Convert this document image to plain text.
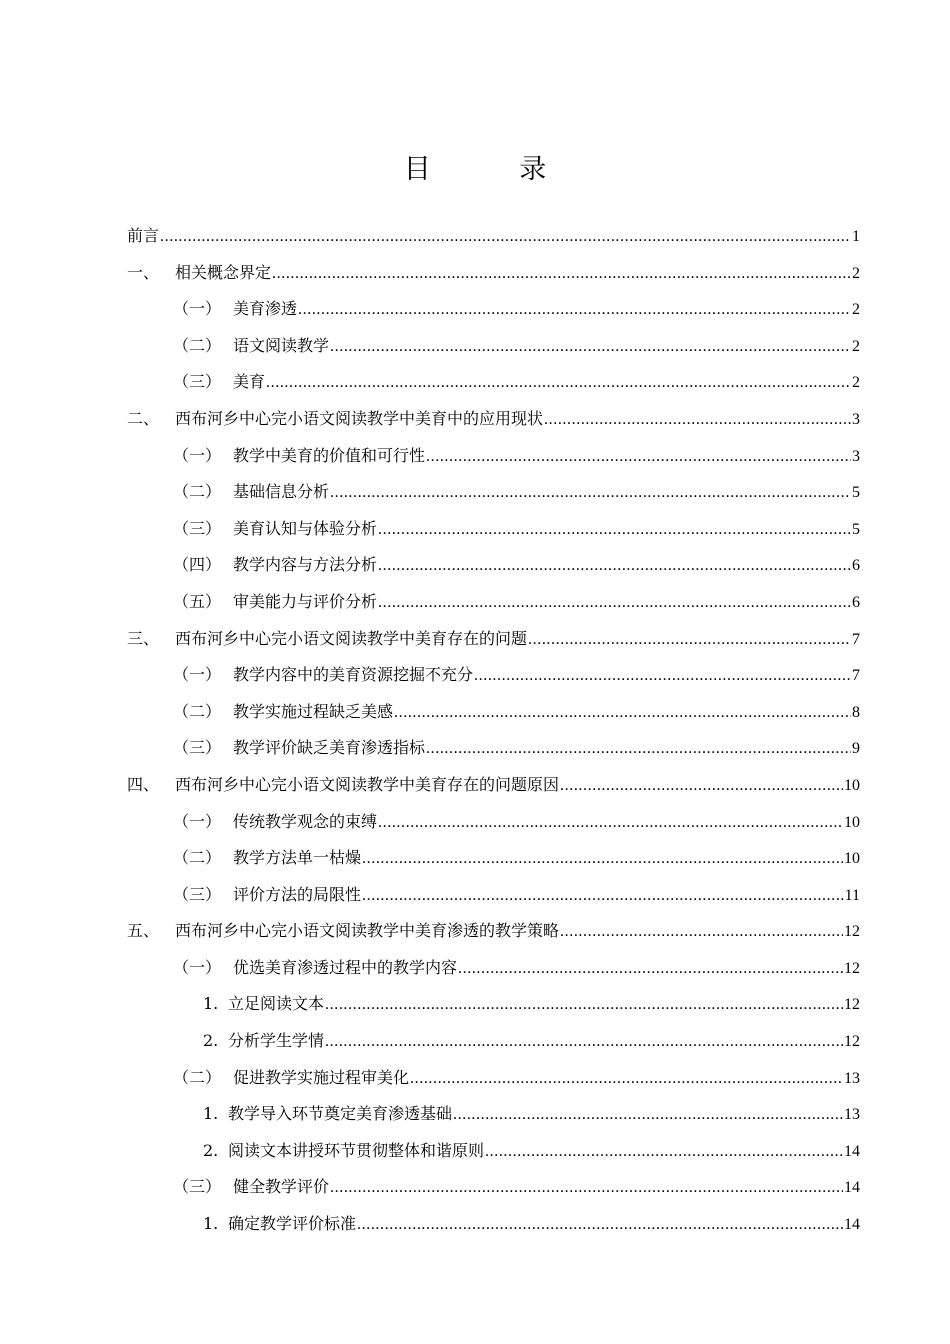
目 录
前言 .....	1
一、 相关概念界定 .....	2
（一） 美育渗透 .....	2
（二） 语文阅读教学 .....	2
（三） 美育 .....	2
二、 西布河乡中心完小语文阅读教学中美育中的应用现状 .....	3
（一） 教学中美育的价值和可行性 .....	3
（二） 基础信息分析 .....	5
（三） 美育认知与体验分析 .....	5
（四） 教学内容与方法分析 .....	6
（五） 审美能力与评价分析 .....	6
三、 西布河乡中心完小语文阅读教学中美育存在的问题 .....	7
（一） 教学内容中的美育资源挖掘不充分 .....	7
（二） 教学实施过程缺乏美感 .....	8
（三） 教学评价缺乏美育渗透指标 .....	9
四、 西布河乡中心完小语文阅读教学中美育存在的问题原因 .....	10
（一） 传统教学观念的束缚 .....	10
（二） 教学方法单一枯燥 .....	10
（三） 评价方法的局限性 .....	11
五、 西布河乡中心完小语文阅读教学中美育渗透的教学策略 .....	12
（一） 优选美育渗透过程中的教学内容 .....	12
1. 立足阅读文本 .....	12
2. 分析学生学情 .....	12
（二） 促进教学实施过程审美化 .....	13
1. 教学导入环节奠定美育渗透基础 .....	13
2. 阅读文本讲授环节贯彻整体和谐原则 .....	14
（三） 健全教学评价 .....	14
1. 确定教学评价标准 .....	14
